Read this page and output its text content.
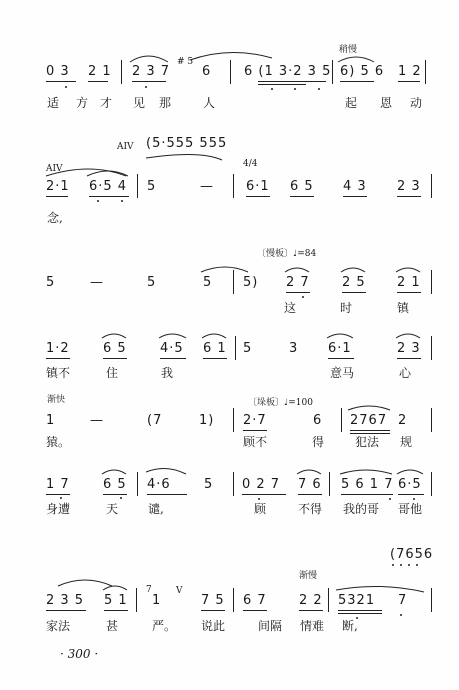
稍慢
0 3 2 1 2 3 7
# 5
6	6 (1 3·2 3 5 6) 5 6 1 2
适 方 才 见 那	人	起 恩 动
(5·555 555
AIV
AIV
4/4
2·1 6·5 4 5	— 6·1 6 5 4 3 2 3
念,
〔慢板〕♩=84
5	—	5	5 5) 2 7 2 5 2 1
这	时	镇
1·2	6 5	4·5 6 1 5	3 6·1	2 3
镇不	住	我	意马	心
渐快	〔垛板〕♩=100
1	—	(7	1) 2·7	6 2767 2
猿。	顾不	得	犯法 规
1 7	6 5 4·6	5 0 2 7 7 6 5 6 1 7 6·5
身遭	天 谴,	顾	不得 我的哥 哥他
(7656
渐慢
2 3 5 5 1
7
1
V
7 5 6 7 2 2 5321 7
家法	甚	严。 说此	间隔 情难 断,
· 300 ·
